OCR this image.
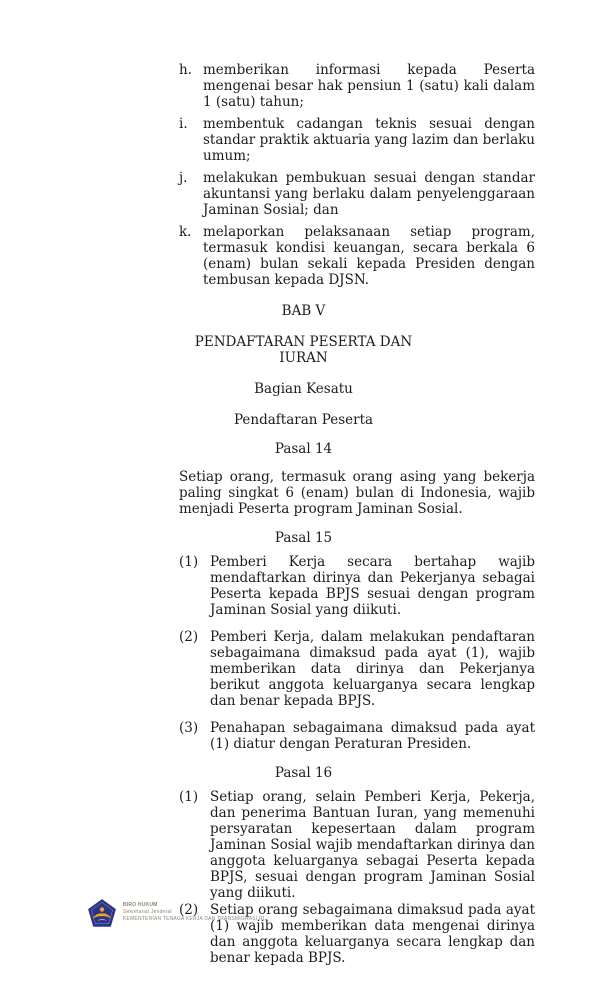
h. memberikan informasi kepada Peserta mengenai besar hak pensiun 1 (satu) kali dalam 1 (satu) tahun;
i.	membentuk cadangan teknis sesuai dengan standar praktik aktuaria yang lazim dan berlaku umum;
j.	melakukan pembukuan sesuai dengan standar akuntansi yang berlaku dalam penyelenggaraan Jaminan Sosial; dan
k. melaporkan pelaksanaan setiap program, termasuk kondisi keuangan, secara berkala 6 (enam) bulan sekali kepada Presiden dengan tembusan kepada DJSN.
BAB V
PENDAFTARAN PESERTA DAN
IURAN
Bagian Kesatu
Pendaftaran Peserta
Pasal 14
Setiap orang, termasuk orang asing yang bekerja paling singkat 6 (enam) bulan di Indonesia, wajib menjadi Peserta program Jaminan Sosial.
Pasal 15
(1) Pemberi Kerja secara bertahap wajib mendaftarkan dirinya dan Pekerjanya sebagai Peserta kepada BPJS sesuai dengan program Jaminan Sosial yang diikuti.
(2) Pemberi Kerja, dalam melakukan pendaftaran sebagaimana dimaksud pada ayat (1), wajib memberikan data dirinya dan Pekerjanya berikut anggota keluarganya secara lengkap dan benar kepada BPJS.
(3) Penahapan sebagaimana dimaksud pada ayat (1) diatur dengan Peraturan Presiden.
Pasal 16
(1) Setiap orang, selain Pemberi Kerja, Pekerja, dan penerima Bantuan Iuran, yang memenuhi persyaratan kepesertaan dalam program Jaminan Sosial wajib mendaftarkan dirinya dan anggota keluarganya sebagai Peserta kepada BPJS, sesuai dengan program Jaminan Sosial yang diikuti.
(2) Setiap orang sebagaimana dimaksud pada ayat (1) wajib memberikan data mengenai dirinya dan anggota keluarganya secara lengkap dan benar kepada BPJS.
BIRO HUKUM
Sekretariat Jenderal
KEMENTERIAN TENAGA KERJA DAN TRANSMIGRASI RI
